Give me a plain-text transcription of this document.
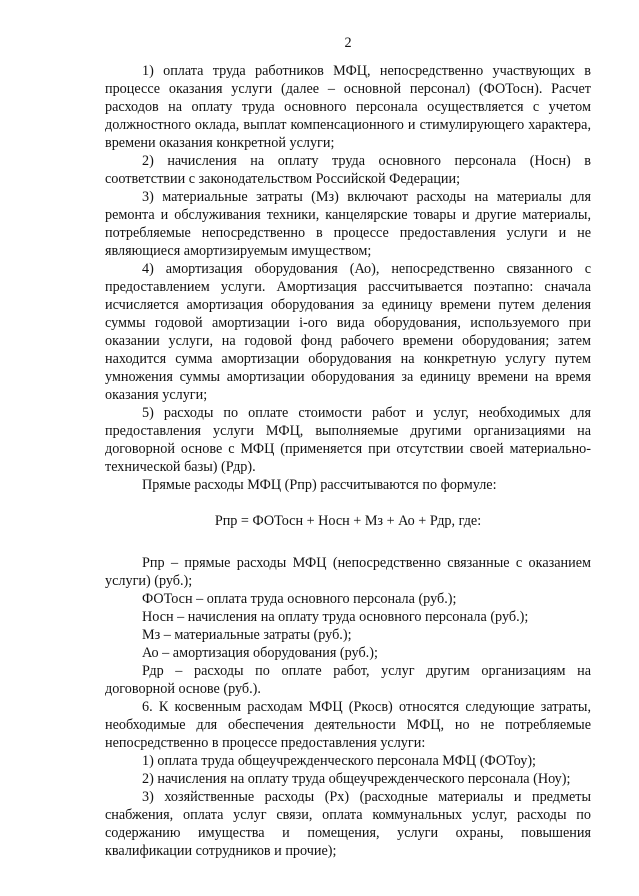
2

1) оплата труда работников МФЦ, непосредственно участвующих в процессе оказания услуги (далее – основной персонал) (ФОТосн). Расчет расходов на оплату труда основного персонала осуществляется с учетом должностного оклада, выплат компенсационного и стимулирующего характера, времени оказания конкретной услуги;

2) начисления на оплату труда основного персонала (Носн) в соответствии с законодательством Российской Федерации;

3) материальные затраты (Мз) включают расходы на материалы для ремонта и обслуживания техники, канцелярские товары и другие материалы, потребляемые непосредственно в процессе предоставления услуги и не являющиеся амортизируемым имуществом;

4) амортизация оборудования (Ао), непосредственно связанного с предоставлением услуги. Амортизация рассчитывается поэтапно: сначала исчисляется амортизация оборудования за единицу времени путем деления суммы годовой амортизации i-ого вида оборудования, используемого при оказании услуги, на годовой фонд рабочего времени оборудования; затем находится сумма амортизации оборудования на конкретную услугу путем умножения суммы амортизации оборудования за единицу времени на время оказания услуги;

5) расходы по оплате стоимости работ и услуг, необходимых для предоставления услуги МФЦ, выполняемые другими организациями на договорной основе с МФЦ (применяется при отсутствии своей материально-технической базы) (Рдр).

Прямые расходы МФЦ (Рпр) рассчитываются по формуле:

Рпр = ФОТосн + Носн + Мз + Ао + Рдр, где:

Рпр – прямые расходы МФЦ (непосредственно связанные с оказанием услуги) (руб.);

ФОТосн – оплата труда основного персонала (руб.);

Носн – начисления на оплату труда основного персонала (руб.);

Мз – материальные затраты (руб.);

Ао – амортизация оборудования (руб.);

Рдр – расходы по оплате работ, услуг другим организациям на договорной основе (руб.).

6. К косвенным расходам МФЦ (Ркосв) относятся следующие затраты, необходимые для обеспечения деятельности МФЦ, но не потребляемые непосредственно в процессе предоставления услуги:

1) оплата труда общеучрежденческого персонала МФЦ (ФОТоу);

2) начисления на оплату труда общеучрежденческого персонала (Ноу);

3) хозяйственные расходы (Рх) (расходные материалы и предметы снабжения, оплата услуг связи, оплата коммунальных услуг, расходы по содержанию имущества и помещения, услуги охраны, повышения квалификации сотрудников и прочие);
